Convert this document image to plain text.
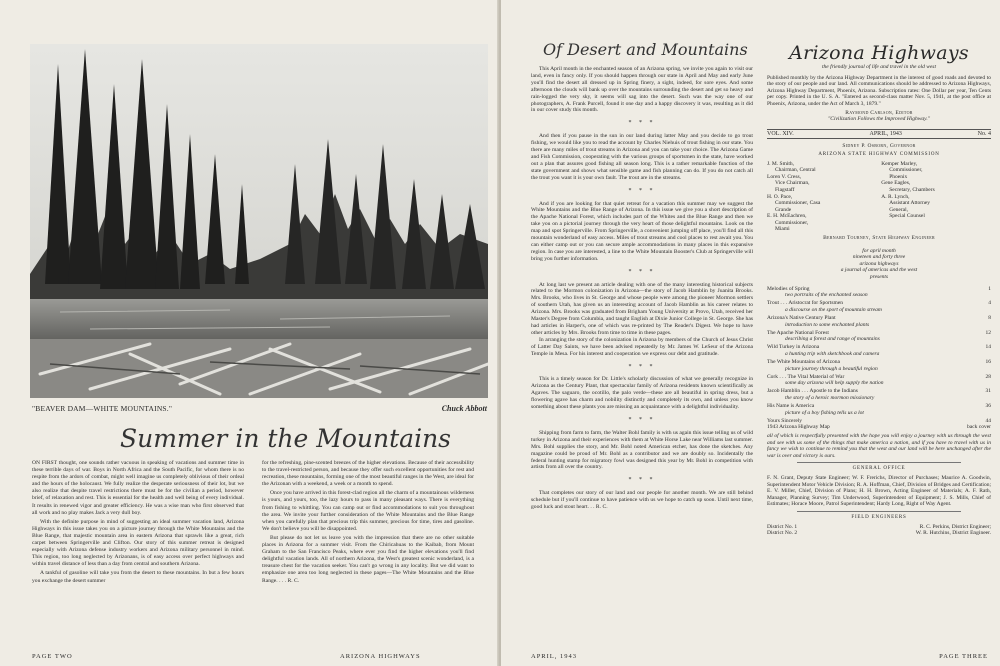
"BEAVER DAM—WHITE MOUNTAINS."	Chuck Abbott
Summer in the Mountains

ON FIRST thought, one sounds rather vacuous in speaking of vacations and summer time in these terrible days of war. Boys in North Africa and the South Pacific, for whom there is no respite from the ardors of combat, might well imagine us completely oblivious of their ordeal and the hours of the holocaust. We fully realize the desperate seriousness of their lot, but we also realize that despite travel restrictions there must be for the civilian a period, however brief, of relaxation and rest. This is essential for the health and well being of every individual. It results in renewed vigor and greater efficiency. He was a wise man who first observed that all work and no play makes Jack a very dull boy.

With the definite purpose in mind of suggesting an ideal summer vacation land, Arizona Highways in this issue takes you on a picture journey through the White Mountains and the Blue Range, that majestic mountain area in eastern Arizona that sprawls like a great, rich carpet between Springerville and Clifton. Our story of this summer retreat is designed especially with Arizona defense industry workers and Arizona military personnel in mind. This region, too long neglected by Arizonans, is of easy access over perfect highways and within travel distance of less than a day from central and southern Arizona.

A tankful of gasoline will take you from the desert to these mountains. In but a few hours you exchange the desert summer

for the refreshing, pine-scented breezes of the higher elevations. Because of their accessibility to the travel-restricted person, and because they offer such excellent opportunities for rest and recreation, these mountains, forming one of the most beautiful ranges in the West, are ideal for the Arizonan with a weekend, a week or a month to spend.

Once you have arrived in this forest-clad region all the charm of a mountainous wilderness is yours, and yours, too, the lazy hours to pass in many pleasant ways. There is everything from fishing to whittling. You can camp out or find accommodations to suit you throughout the area. We invite your further consideration of the White Mountains and the Blue Range when you carefully plan that precious trip this summer, precious for time, tires and gasoline. We don't believe you will be disappointed.

But please do not let us leave you with the impression that there are no other suitable places in Arizona for a summer visit. From the Chiricahuas to the Kaibab, from Mount Graham to the San Francisco Peaks, where ever you find the higher elevations you'll find delightful vacation lands. All of northern Arizona, the West's greatest scenic wonderland, is a treasure chest for the vacation seeker. You can't go wrong in any locality. But we did want to emphasize one area too long neglected in these pages—The White Mountains and the Blue Range. . . . R. C.

PAGE TWO	ARIZONA HIGHWAYS
Of Desert and Mountains

This April month in the enchanted season of an Arizona spring, we invite you again to visit our land, even in fancy only. If you should happen through our state in April and May and early June you'll find the desert all dressed up in Spring finery, a sight, indeed, for sore eyes. And some afternoon the clouds will bank up over the mountains surrounding the desert and get so heavy and rain-logged the very sky, it seems will sag into the desert. Such was the way one of our photographers, A. Frank Purcell, found it one day and a happy discovery it was, resulting as it did in our cover study this month.

* * *

And then if you pause in the sun in our land during latter May and you decide to go trout fishing, we would like you to read the account by Charles Niehuis of trout fishing in our state. You there are many miles of trout streams in Arizona and you can take your choice. The Arizona Game and Fish Commission, cooperating with the various groups of sportsmen in the state, have worked out a plan that assures good fishing all season long. This is a rather remarkable function of the state government and shows what sensible game and fish planning can do. If you do not catch all the trout you want it is your own fault. The trout are in the streams.

* * *

And if you are looking for that quiet retreat for a vacation this summer may we suggest the White Mountains and the Blue Range of Arizona. In this issue we give you a short description of the Apache National Forest, which includes part of the Whites and the Blue Range and then we take you on a pictorial journey through the very heart of those delightful mountains. Look on the map and spot Springerville. From Springerville, a convenient jumping off place, you'll find all this mountain wonderland of easy access. Miles of trout streams and cool places to rest await you. You can either camp out or you can secure ample accommodations in many places in this expansive region. In case you are interested, a line to the White Mountain Booster's Club at Springerville will bring you further information.

* * *

At long last we present an article dealing with one of the many interesting historical subjects related to the Mormon colonization in Arizona—the story of Jacob Hamblin by Juanita Brooks. Mrs. Brooks, who lives in St. George and whose people were among the pioneer Mormon settlers of southern Utah, has given us an interesting account of Jacob Hamblin as his career relates to Arizona. Mrs. Brooks was graduated from Brigham Young University at Provo, Utah, received her Master's Degree from Columbia, and taught English at Dixie Junior College in St. George. She has had articles in Harper's, one of which was re-printed by The Reader's Digest. We hope to have other articles by Mrs. Brooks from time to time in these pages.

In arranging the story of the colonization in Arizona by members of the Church of Jesus Christ of Latter Day Saints, we have been advised repeatedly by Mr. James W. LeSeur of the Arizona Temple in Mesa. For his interest and cooperation we express our debt and gratitude.

* * *

This is a timely season for Dr. Little's scholarly discussion of what we generally recognize in Arizona as the Century Plant, that spectacular family of Arizona residents known scientifically as Agaves. The saguaro, the ocotillo, the palo verde—these are all beautiful in spring dress, but a flowering agave has charm and nobility distinctly and completely its own, and unless you know something about these plants you are missing an acquaintance with a delightful individuality.

* * *

Shipping from farm to farm, the Walter Bohl family is with us again this issue telling us of wild turkey in Arizona and their experiences with them at White Horse Lake near Williams last summer. Mrs. Bohl supplies the story, and Mr. Bohl noted American etcher, has done the sketches. Any magazine could be proud of Mr. Bohl as a contributor and we are doubly so. Incidentally the federal hunting stamp for migratory fowl was designed this year by Mr. Bohl in competition with artists from all over the country.

* * *

That completes our story of our land and our people for another month. We are still behind schedule but if you'll continue to have patience with us we hope to catch up soon. Until next time, good luck and stout heart. . . R. C.

Arizona Highways
the friendly journal of life and travel in the old west

Published monthly by the Arizona Highway Department in the interest of good roads and devoted to the story of our people and our land. All communications should be addressed to Arizona Highways, Arizona Highway Department, Phoenix, Arizona. Subscription rates: One Dollar per year, Ten Cents per copy. Printed in the U. S. A. "Entered as second-class matter Nov. 5, 1941, at the post office at Phoenix, Arizona, under the Act of March 3, 1879."

Raymond Carlson, Editor
"Civilization Follows the Improved Highway."
VOL. XIV.	APRIL, 1943	No. 4
Sidney P. Osborn, Governor
ARIZONA STATE HIGHWAY COMMISSION
J. M. Smith,
Chairman, Central
Loren V. Cress,
Vice Chairman, Flagstaff
H. O. Pace,
Commissioner, Casa Grande
E. H. McEachren,
Commissioner, Miami
Kemper Marley,
Commissioner, Phoenix
Gene Eagles,
Secretary, Chambers
A. R. Lynch,
Assistant Attorney General,
Special Counsel
Bernard Tourney, State Highway Engineer
for april month
nineteen and forty three
arizona highways
a journal of americas and the west
presents
Melodies of Spring	1
two portraits of the enchanted season
Trout . . . Aristocrat for Sportsmen	4
a discourse on the sport of mountain stream
Arizona's Native Century Plant	8
introduction to some enchanted plants
The Apache National Forest	12
describing a forest and range of mountains
Wild Turkey in Arizona	14
a hunting trip with sketchbook and camera
The White Mountains of Arizona	16
picture journey through a beautiful region
Cork . . . The Vital Material of War	28
some day arizona will help supply the nation
Jacob Hamblin . . . Apostle to the Indians	31
the story of a heroic mormon missionary
His Name is America	36
picture of a boy fishing tells us a lot
Yours Sincerely	44
1943 Arizona Highway Map	back cover

all of which is respectfully presented with the hope you will enjoy a journey with us through the west and see with us some of the things that make america a nation, and if you have to travel with us in fancy we wish to continue to remind you that the west and our land will be here unchanged after the war is over and victory is ours.

GENERAL OFFICE

F. N. Grant, Deputy State Engineer; W. F. Frerichs, Director of Purchases; Maurice A. Goodwin, Superintendent Motor Vehicle Division; R. A. Hoffman, Chief, Division of Bridges and Certification; E. V. Miller, Chief, Division of Plans; H. H. Brown, Acting Engineer of Materials; A. F. Rath, Manager, Planning Survey; Tim Underwood, Superintendent of Equipment; J. S. Mills, Chief of Estimates; Horace Moore, Patrol Superintendent; Hardy Long, Right of Way Agent.

FIELD ENGINEERS
District No. 1	R. C. Perkins, District Engineer;
District No. 2	W. R. Hutchins, District Engineer.
APRIL, 1943	PAGE THREE
